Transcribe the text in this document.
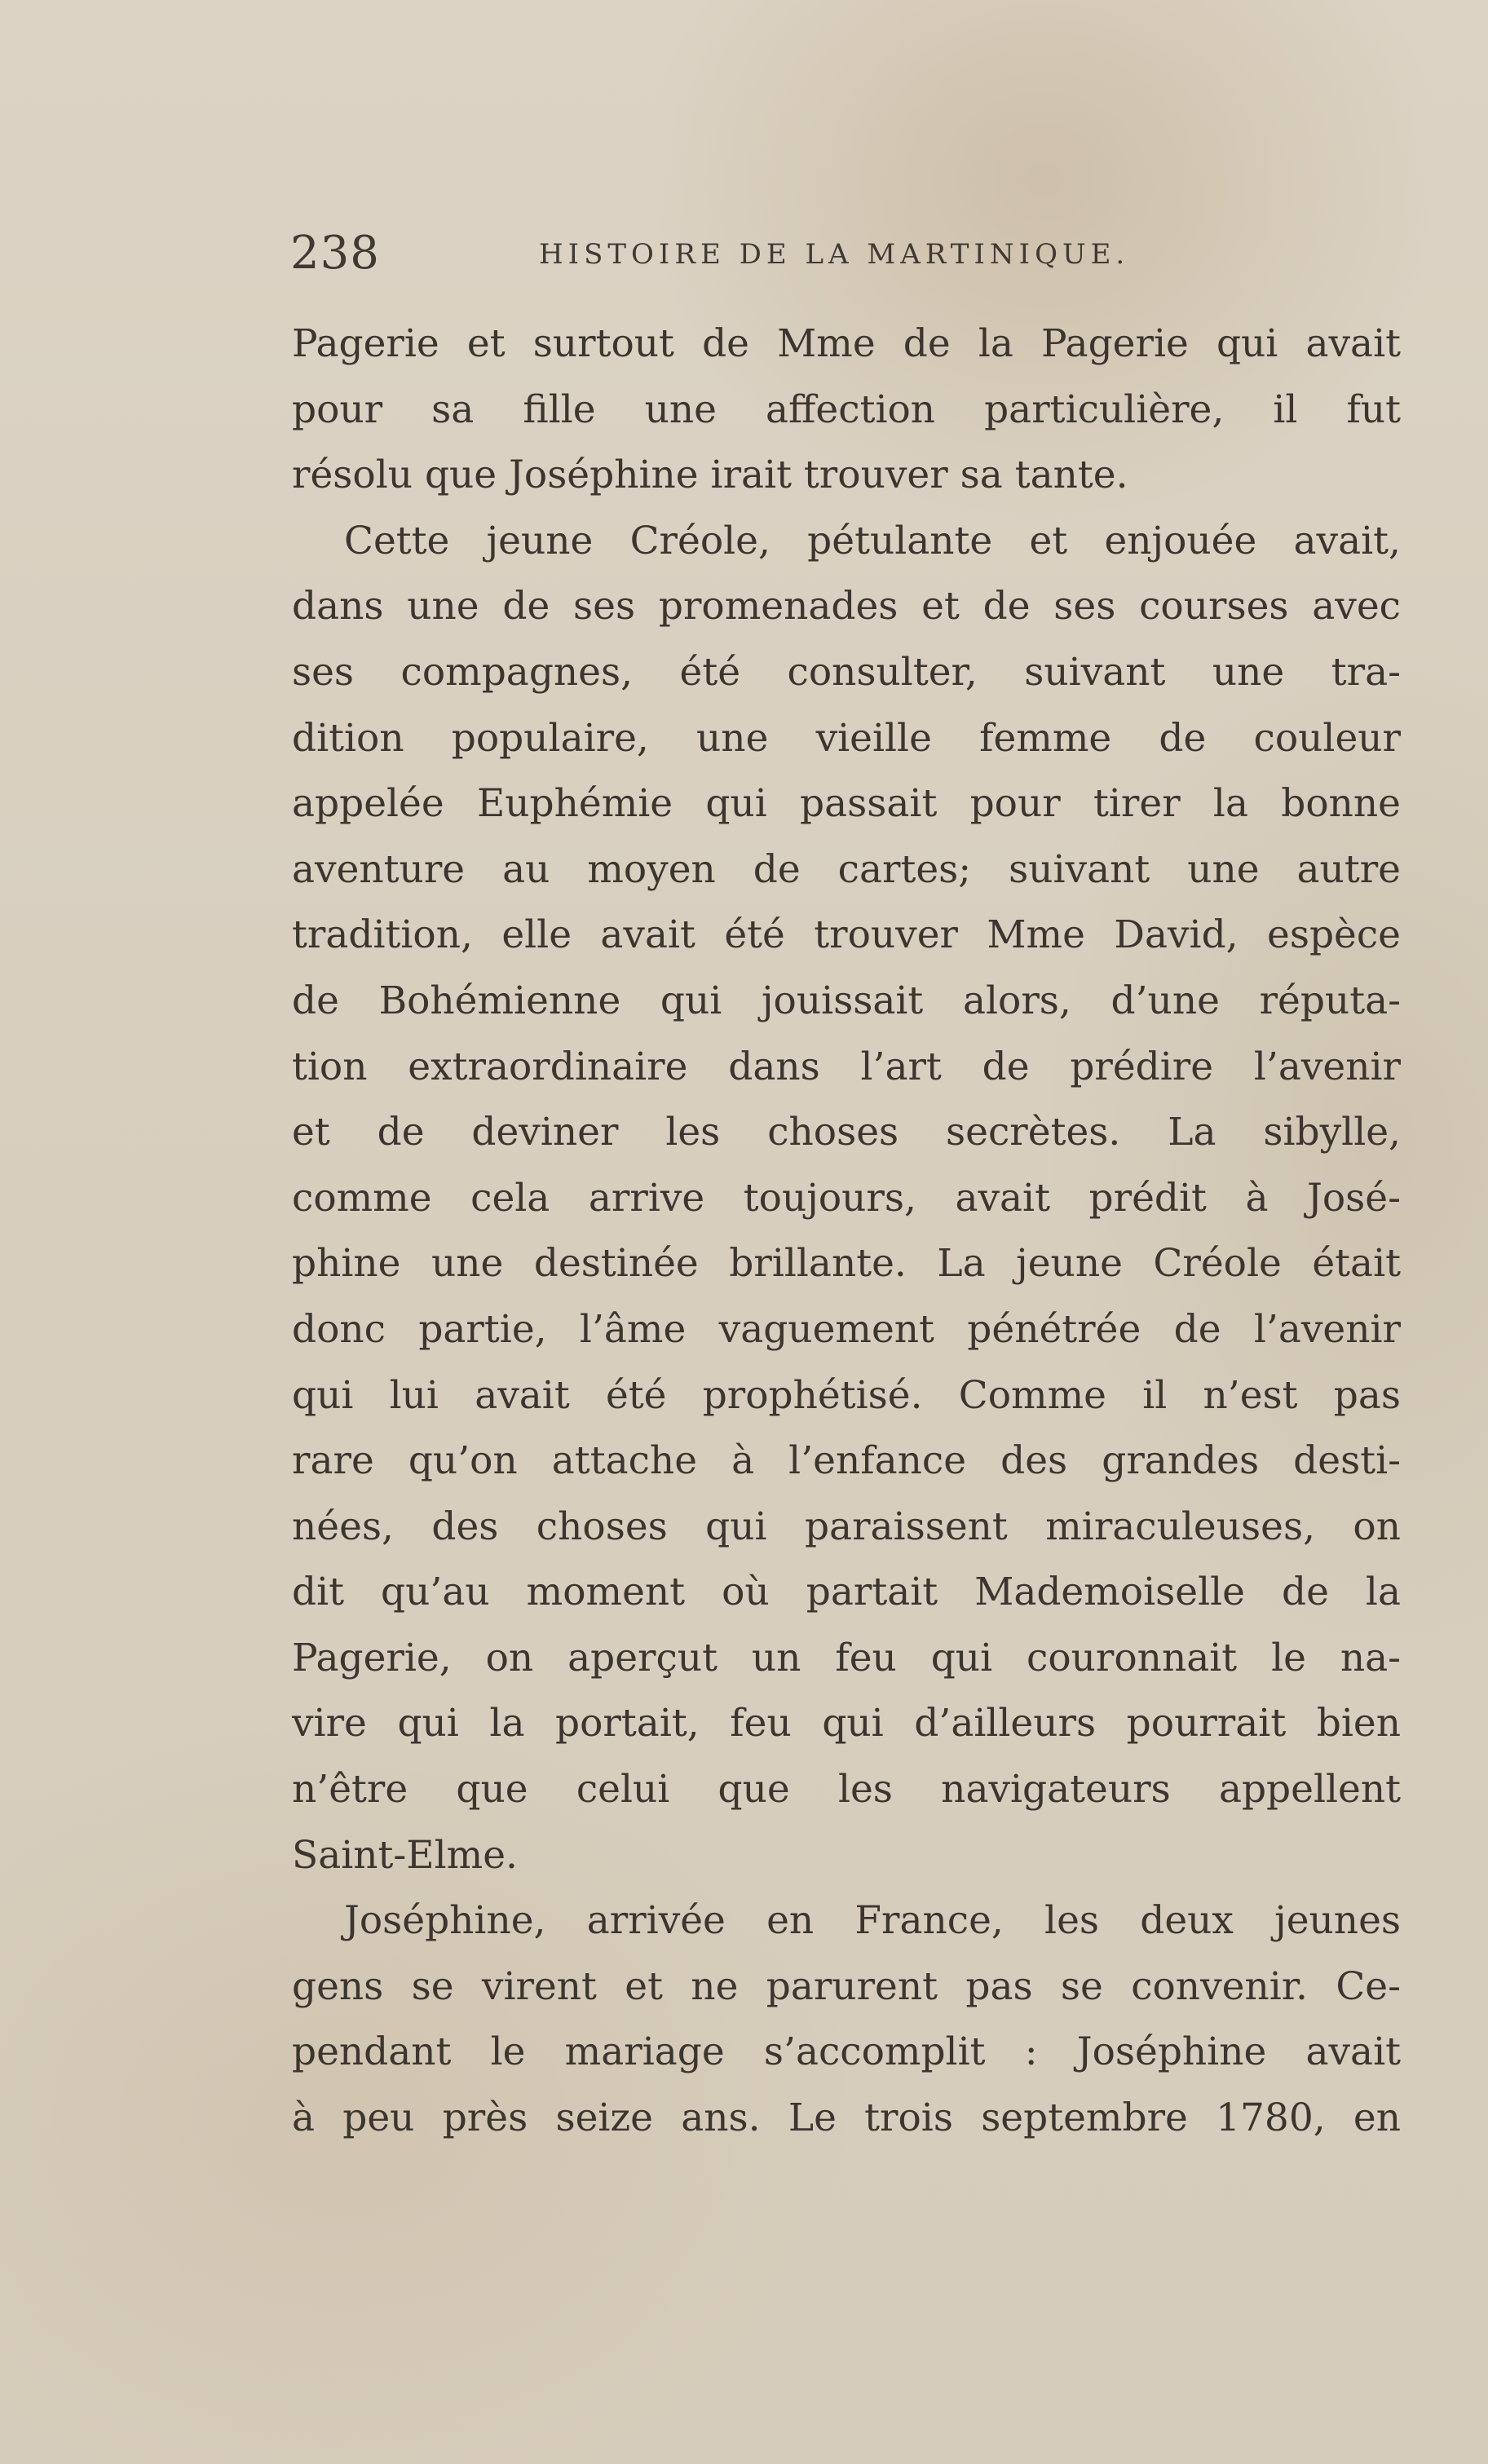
238	HISTOIRE DE LA MARTINIQUE.
Pagerie et surtout de Mme de la Pagerie qui avait
pour sa fille une affection particulière, il fut
résolu que Joséphine irait trouver sa tante.
Cette jeune Créole, pétulante et enjouée avait,
dans une de ses promenades et de ses courses avec
ses compagnes, été consulter, suivant une tra-
dition populaire, une vieille femme de couleur
appelée Euphémie qui passait pour tirer la bonne
aventure au moyen de cartes; suivant une autre
tradition, elle avait été trouver Mme David, espèce
de Bohémienne qui jouissait alors, d’une réputa-
tion extraordinaire dans l’art de prédire l’avenir
et de deviner les choses secrètes. La sibylle,
comme cela arrive toujours, avait prédit à José-
phine une destinée brillante. La jeune Créole était
donc partie, l’âme vaguement pénétrée de l’avenir
qui lui avait été prophétisé. Comme il n’est pas
rare qu’on attache à l’enfance des grandes desti-
nées, des choses qui paraissent miraculeuses, on
dit qu’au moment où partait Mademoiselle de la
Pagerie, on aperçut un feu qui couronnait le na-
vire qui la portait, feu qui d’ailleurs pourrait bien
n’être que celui que les navigateurs appellent
Saint-Elme.
Joséphine, arrivée en France, les deux jeunes
gens se virent et ne parurent pas se convenir. Ce-
pendant le mariage s’accomplit : Joséphine avait
à peu près seize ans. Le trois septembre 1780, en
